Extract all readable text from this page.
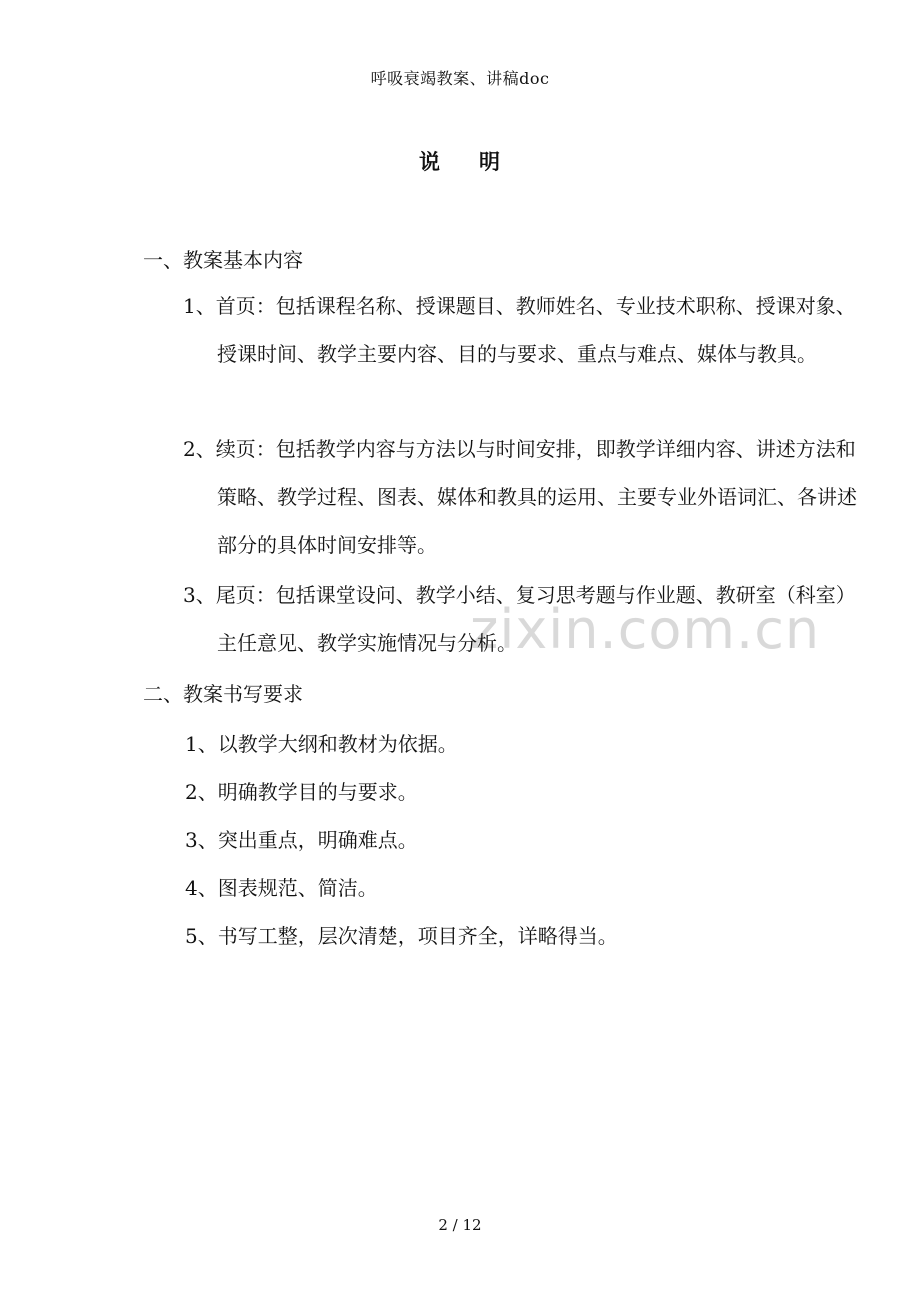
呼吸衰竭教案、讲稿doc
zixin.com.cn
说 明
一、教案基本内容
1、首页：包括课程名称、授课题目、教师姓名、专业技术职称、授课对象、授课时间、教学主要内容、目的与要求、重点与难点、媒体与教具。
2、续页：包括教学内容与方法以与时间安排，即教学详细内容、讲述方法和策略、教学过程、图表、媒体和教具的运用、主要专业外语词汇、各讲述部分的具体时间安排等。
3、尾页：包括课堂设问、教学小结、复习思考题与作业题、教研室（科室）主任意见、教学实施情况与分析。
二、教案书写要求
1、以教学大纲和教材为依据。
2、明确教学目的与要求。
3、突出重点，明确难点。
4、图表规范、简洁。
5、书写工整，层次清楚，项目齐全，详略得当。
2 / 12
